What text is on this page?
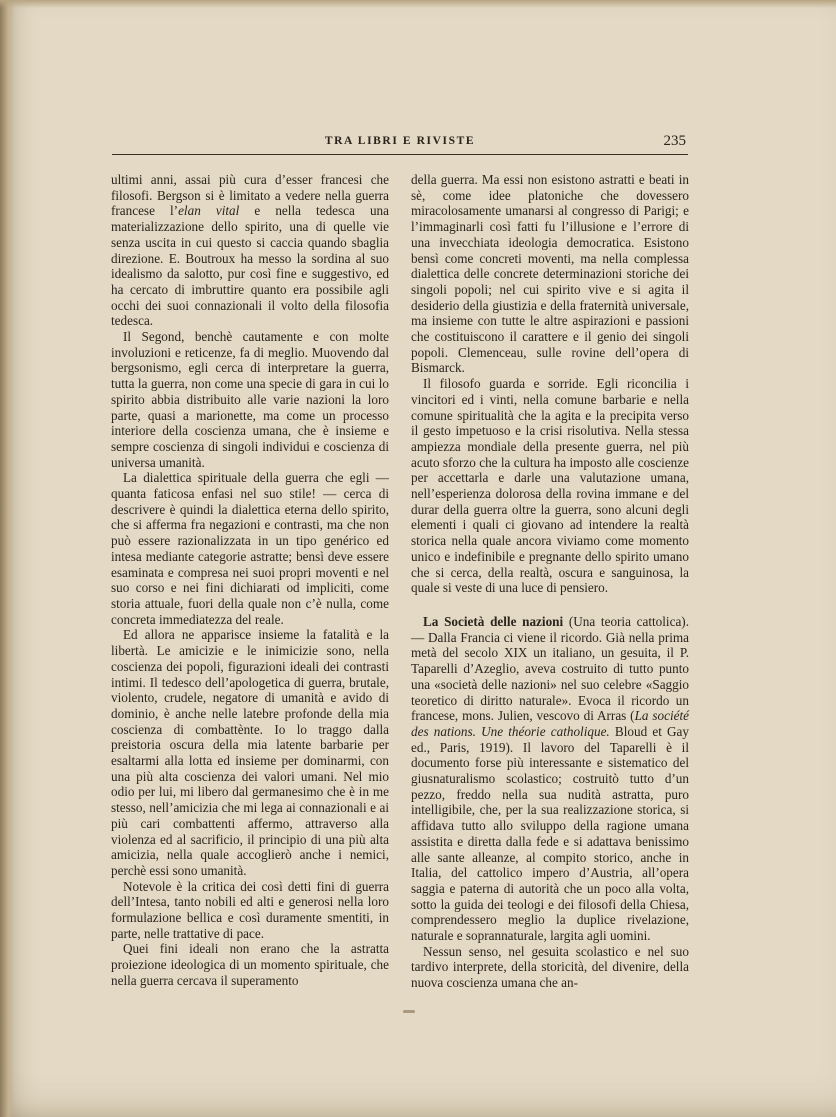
TRA LIBRI E RIVISTE	235

ultimi anni, assai più cura d’esser francesi che filosofi. Bergson si è limitato a vedere nella guerra francese l’elan vital e nella tedesca una materializzazione dello spirito, una di quelle vie senza uscita in cui questo si caccia quando sbaglia direzione. E. Boutroux ha messo la sordina al suo idealismo da salotto, pur così fine e suggestivo, ed ha cercato di imbruttire quanto era possibile agli occhi dei suoi connazionali il volto della filosofia tedesca.

Il Segond, benchè cautamente e con molte involuzioni e reticenze, fa di meglio. Muovendo dal bergsonismo, egli cerca di interpretare la guerra, tutta la guerra, non come una specie di gara in cui lo spirito abbia distribuito alle varie nazioni la loro parte, quasi a marionette, ma come un processo interiore della coscienza umana, che è insieme e sempre coscienza di singoli individui e coscienza di universa umanità.

La dialettica spirituale della guerra che egli — quanta faticosa enfasi nel suo stile! — cerca di descrivere è quindi la dialettica eterna dello spirito, che si afferma fra negazioni e contrasti, ma che non può essere razionalizzata in un tipo genérico ed intesa mediante categorie astratte; bensì deve essere esaminata e compresa nei suoi propri moventi e nel suo corso e nei fini dichiarati od impliciti, come storia attuale, fuori della quale non c’è nulla, come concreta immediatezza del reale.

Ed allora ne apparisce insieme la fatalità e la libertà. Le amicizie e le inimicizie sono, nella coscienza dei popoli, figurazioni ideali dei contrasti intimi. Il tedesco dell’apologetica di guerra, brutale, violento, crudele, negatore di umanità e avido di dominio, è anche nelle latebre profonde della mia coscienza di combattènte. Io lo traggo dalla preistoria oscura della mia latente barbarie per esaltarmi alla lotta ed insieme per dominarmi, con una più alta coscienza dei valori umani. Nel mio odio per lui, mi libero dal germanesimo che è in me stesso, nell’amicizia che mi lega ai connazionali e ai più cari combattenti affermo, attraverso alla violenza ed al sacrificio, il principio di una più alta amicizia, nella quale accoglierò anche i nemici, perchè essi sono umanità.

Notevole è la critica dei così detti fini di guerra dell’Intesa, tanto nobili ed alti e generosi nella loro formulazione bellica e così duramente smentiti, in parte, nelle trattative di pace.

Quei fini ideali non erano che la astratta proiezione ideologica di un momento spirituale, che nella guerra cercava il superamento

della guerra. Ma essi non esistono astratti e beati in sè, come idee platoniche che dovessero miracolosamente umanarsi al congresso di Parigi; e l’immaginarli così fatti fu l’illusione e l’errore di una invecchiata ideologia democratica. Esistono bensì come concreti moventi, ma nella complessa dialettica delle concrete determinazioni storiche dei singoli popoli; nel cui spirito vive e si agita il desiderio della giustizia e della fraternità universale, ma insieme con tutte le altre aspirazioni e passioni che costituiscono il carattere e il genio dei singoli popoli. Clemenceau, sulle rovine dell’opera di Bismarck.

Il filosofo guarda e sorride. Egli riconcilia i vincitori ed i vinti, nella comune barbarie e nella comune spiritualità che la agita e la precipita verso il gesto impetuoso e la crisi risolutiva. Nella stessa ampiezza mondiale della presente guerra, nel più acuto sforzo che la cultura ha imposto alle coscienze per accettarla e darle una valutazione umana, nell’esperienza dolorosa della rovina immane e del durar della guerra oltre la guerra, sono alcuni degli elementi i quali ci giovano ad intendere la realtà storica nella quale ancora viviamo come momento unico e indefinibile e pregnante dello spirito umano che si cerca, della realtà, oscura e sanguinosa, la quale si veste di una luce di pensiero.

La Società delle nazioni (Una teoria cattolica). — Dalla Francia ci viene il ricordo. Già nella prima metà del secolo XIX un italiano, un gesuita, il P. Taparelli d’Azeglio, aveva costruito di tutto punto una «società delle nazioni» nel suo celebre «Saggio teoretico di diritto naturale». Evoca il ricordo un francese, mons. Julien, vescovo di Arras (La société des nations. Une théorie catholique. Bloud et Gay ed., Paris, 1919). Il lavoro del Taparelli è il documento forse più interessante e sistematico del giusnaturalismo scolastico; costruitò tutto d’un pezzo, freddo nella sua nudità astratta, puro intelligibile, che, per la sua realizzazione storica, si affidava tutto allo sviluppo della ragione umana assistita e diretta dalla fede e si adattava benissimo alle sante alleanze, al compito storico, anche in Italia, del cattolico impero d’Austria, all’opera saggia e paterna di autorità che un poco alla volta, sotto la guida dei teologi e dei filosofi della Chiesa, comprendessero meglio la duplice rivelazione, naturale e soprannaturale, largita agli uomini.

Nessun senso, nel gesuita scolastico e nel suo tardivo interprete, della storicità, del divenire, della nuova coscienza umana che an-
